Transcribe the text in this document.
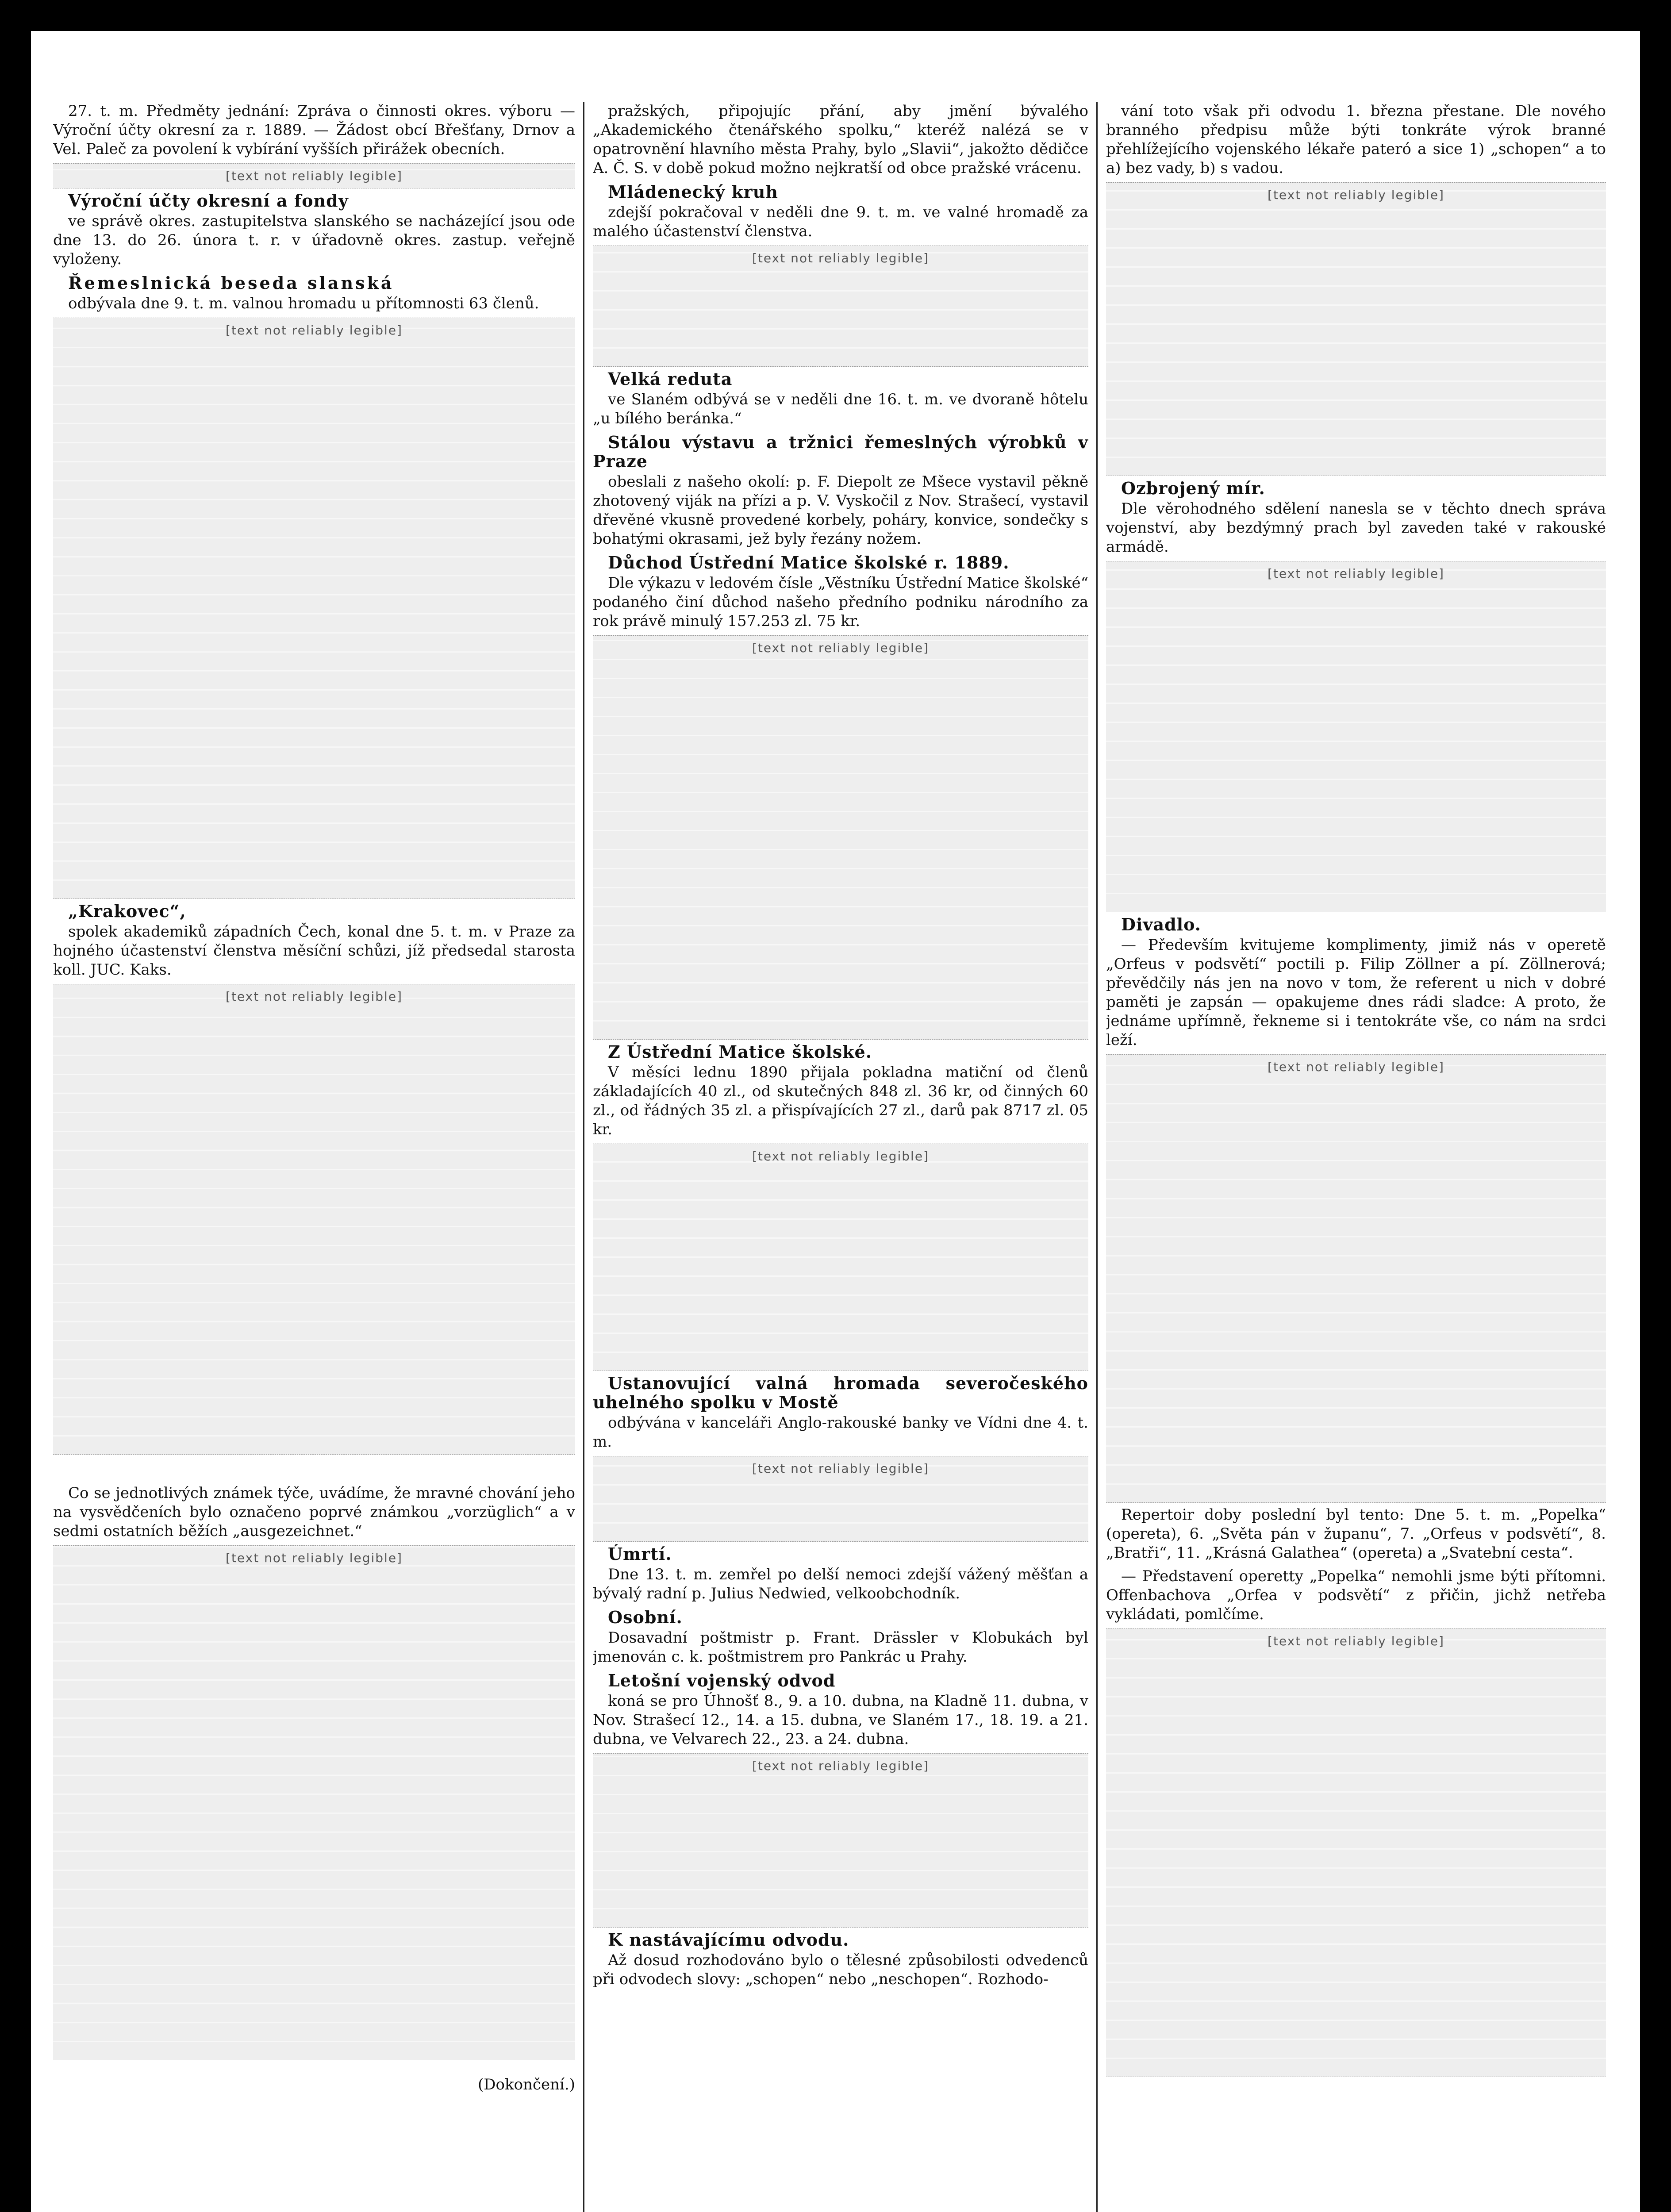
27. t. m. Předměty jednání: Zpráva o činnosti okres. výboru — Výroční účty okresní za r. 1889. — Žádost obcí Břešťany, Drnov a Vel. Paleč za povolení k vybírání vyšších přirážek obecních.

[text not reliably legible]
Výroční účty okresní a fondy

ve správě okres. zastupitelstva slanského se nacházející jsou ode dne 13. do 26. února t. r. v úřadovně okres. zastup. veřejně vyloženy.

Řemeslnická beseda slanská

odbývala dne 9. t. m. valnou hromadu u přítomnosti 63 členů.

[text not reliably legible]
„Krakovec“,

spolek akademiků západních Čech, konal dne 5. t. m. v Praze za hojného účastenství členstva měsíční schůzi, jíž předsedal starosta koll. JUC. Kaks.

[text not reliably legible]

Co se jednotlivých známek týče, uvádíme, že mravné chování jeho na vysvědčeních bylo označeno poprvé známkou „vorzüglich“ a v sedmi ostatních běžích „ausgezeichnet.“

[text not reliably legible]

(Dokončení.)

pražských, připojujíc přání, aby jmění bývalého „Akademického čtenářského spolku,“ kteréž nalézá se v opatrovnění hlavního města Prahy, bylo „Slavii“, jakožto dědičce A. Č. S. v době pokud možno nejkratší od obce pražské vrácenu.

Mládenecký kruh

zdejší pokračoval v neděli dne 9. t. m. ve valné hromadě za malého účastenství členstva.

[text not reliably legible]
Velká reduta

ve Slaném odbývá se v neděli dne 16. t. m. ve dvoraně hôtelu „u bílého beránka.“

Stálou výstavu a tržnici řemeslných výrobků v Praze

obeslali z našeho okolí: p. F. Diepolt ze Mšece vystavil pěkně zhotovený viják na přízi a p. V. Vyskočil z Nov. Strašecí, vystavil dřevěné vkusně provedené korbely, poháry, konvice, sondečky s bohatými okrasami, jež byly řezány nožem.

Důchod Ústřední Matice školské r. 1889.

Dle výkazu v ledovém čísle „Věstníku Ústřední Matice školské“ podaného činí důchod našeho předního podniku národního za rok právě minulý 157.253 zl. 75 kr.

[text not reliably legible]
Z Ústřední Matice školské.

V měsíci lednu 1890 přijala pokladna matiční od členů základajících 40 zl., od skutečných 848 zl. 36 kr, od činných 60 zl., od řádných 35 zl. a přispívajících 27 zl., darů pak 8717 zl. 05 kr.

[text not reliably legible]
Ustanovující valná hromada severočeského uhelného spolku v Mostě

odbývána v kanceláři Anglo-rakouské banky ve Vídni dne 4. t. m.

[text not reliably legible]
Úmrtí.

Dne 13. t. m. zemřel po delší nemoci zdejší vážený měšťan a bývalý radní p. Julius Nedwied, velkoobchodník.

Osobní.

Dosavadní poštmistr p. Frant. Drässler v Klobukách byl jmenován c. k. poštmistrem pro Pankrác u Prahy.

Letošní vojenský odvod

koná se pro Úhnošť 8., 9. a 10. dubna, na Kladně 11. dubna, v Nov. Strašecí 12., 14. a 15. dubna, ve Slaném 17., 18. 19. a 21. dubna, ve Velvarech 22., 23. a 24. dubna.

[text not reliably legible]
K nastávajícímu odvodu.

Až dosud rozhodováno bylo o tělesné způsobilosti odvedenců při odvodech slovy: „schopen“ nebo „neschopen“. Rozhodo-

vání toto však při odvodu 1. března přestane. Dle nového branného předpisu může býti tonkráte výrok branné přehlížejícího vojenského lékaře pateró a sice 1) „schopen“ a to a) bez vady, b) s vadou.

[text not reliably legible]
Ozbrojený mír.

Dle věrohodného sdělení nanesla se v těchto dnech správa vojenství, aby bezdýmný prach byl zaveden také v rakouské armádě.

[text not reliably legible]
Divadlo.

— Především kvitujeme komplimenty, jimiž nás v operetě „Orfeus v podsvětí“ poctili p. Filip Zöllner a pí. Zöllnerová; převědčily nás jen na novo v tom, že referent u nich v dobré paměti je zapsán — opakujeme dnes rádi sladce: A proto, že jednáme upřímně, řekneme si i tentokráte vše, co nám na srdci leží.

[text not reliably legible]

Repertoir doby poslední byl tento: Dne 5. t. m. „Popelka“ (opereta), 6. „Světa pán v županu“, 7. „Orfeus v podsvětí“, 8. „Bratři“, 11. „Krásná Galathea“ (opereta) a „Svatební cesta“.

— Představení operetty „Popelka“ nemohli jsme býti přítomni. Offenbachova „Orfea v podsvětí“ z přičin, jichž netřeba vykládati, pomlčíme.

[text not reliably legible]
